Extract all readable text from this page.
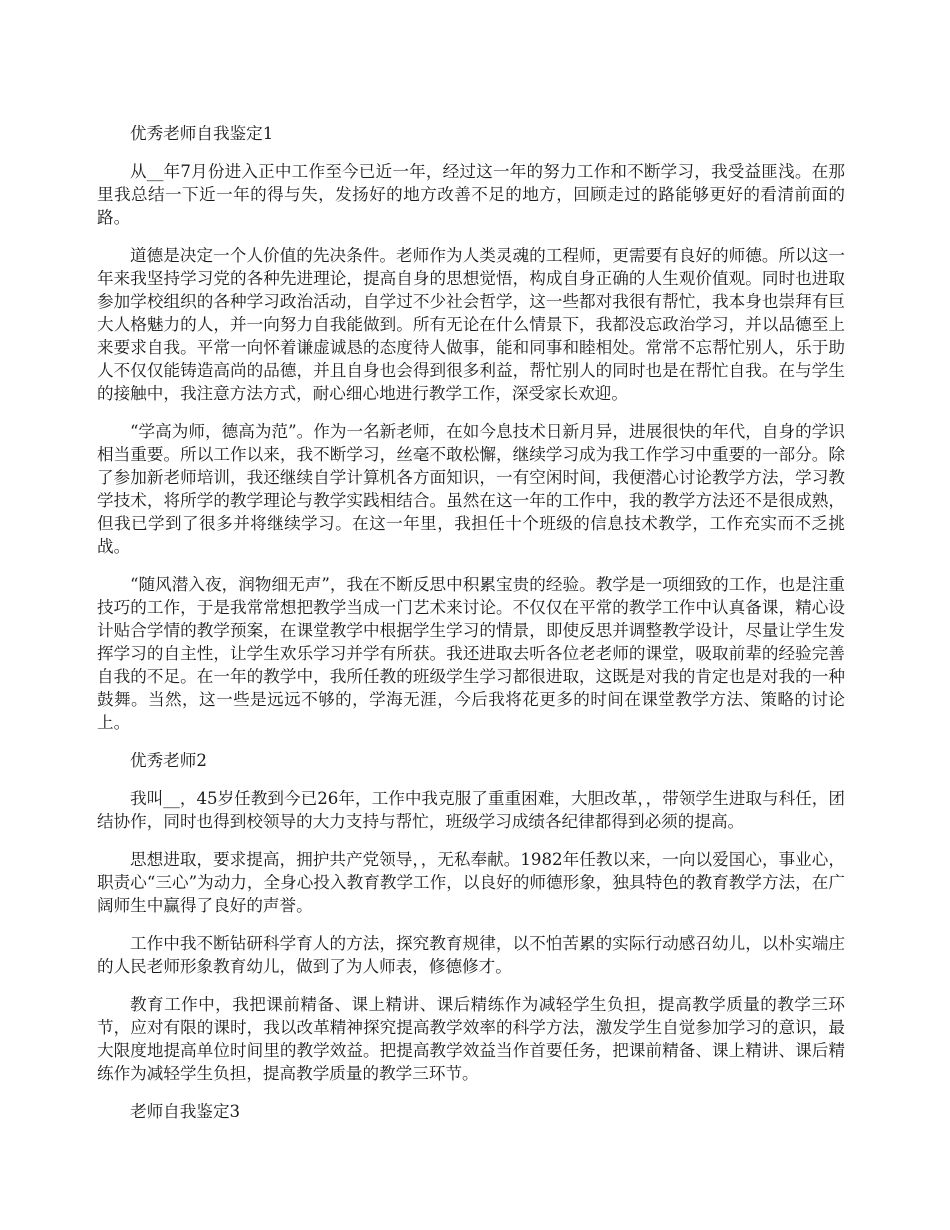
优秀老师自我鉴定1

从__年7月份进入正中工作至今已近一年，经过这一年的努力工作和不断学习，我受益匪浅。在那里我总结一下近一年的得与失，发扬好的地方改善不足的地方，回顾走过的路能够更好的看清前面的路。

道德是决定一个人价值的先决条件。老师作为人类灵魂的工程师，更需要有良好的师德。所以这一年来我坚持学习党的各种先进理论，提高自身的思想觉悟，构成自身正确的人生观价值观。同时也进取参加学校组织的各种学习政治活动，自学过不少社会哲学，这一些都对我很有帮忙，我本身也崇拜有巨大人格魅力的人，并一向努力自我能做到。所有无论在什么情景下，我都没忘政治学习，并以品德至上来要求自我。平常一向怀着谦虚诚恳的态度待人做事，能和同事和睦相处。常常不忘帮忙别人，乐于助人不仅仅能铸造高尚的品德，并且自身也会得到很多利益，帮忙别人的同时也是在帮忙自我。在与学生的接触中，我注意方法方式，耐心细心地进行教学工作，深受家长欢迎。

“学高为师，德高为范”。作为一名新老师，在如今息技术日新月异，进展很快的年代，自身的学识相当重要。所以工作以来，我不断学习，丝毫不敢松懈，继续学习成为我工作学习中重要的一部分。除了参加新老师培训，我还继续自学计算机各方面知识，一有空闲时间，我便潜心讨论教学方法，学习教学技术，将所学的教学理论与教学实践相结合。虽然在这一年的工作中，我的教学方法还不是很成熟，但我已学到了很多并将继续学习。在这一年里，我担任十个班级的信息技术教学，工作充实而不乏挑战。

“随风潜入夜，润物细无声”，我在不断反思中积累宝贵的经验。教学是一项细致的工作，也是注重技巧的工作，于是我常常想把教学当成一门艺术来讨论。不仅仅在平常的教学工作中认真备课，精心设计贴合学情的教学预案，在课堂教学中根据学生学习的情景，即使反思并调整教学设计，尽量让学生发挥学习的自主性，让学生欢乐学习并学有所获。我还进取去听各位老老师的课堂，吸取前辈的经验完善自我的不足。在一年的教学中，我所任教的班级学生学习都很进取，这既是对我的肯定也是对我的一种鼓舞。当然，这一些是远远不够的，学海无涯，今后我将花更多的时间在课堂教学方法、策略的讨论上。

优秀老师2

我叫__，45岁任教到今已26年，工作中我克服了重重困难，大胆改革，，带领学生进取与科任，团结协作，同时也得到校领导的大力支持与帮忙，班级学习成绩各纪律都得到必须的提高。

思想进取，要求提高，拥护共产党领导，，无私奉献。1982年任教以来，一向以爱国心，事业心，职责心“三心”为动力，全身心投入教育教学工作，以良好的师德形象，独具特色的教育教学方法，在广阔师生中赢得了良好的声誉。

工作中我不断钻研科学育人的方法，探究教育规律，以不怕苦累的实际行动感召幼儿，以朴实端庄的人民老师形象教育幼儿，做到了为人师表，修德修才。

教育工作中，我把课前精备、课上精讲、课后精练作为减轻学生负担，提高教学质量的教学三环节，应对有限的课时，我以改革精神探究提高教学效率的科学方法，激发学生自觉参加学习的意识，最大限度地提高单位时间里的教学效益。把提高教学效益当作首要任务，把课前精备、课上精讲、课后精练作为减轻学生负担，提高教学质量的教学三环节。

老师自我鉴定3
